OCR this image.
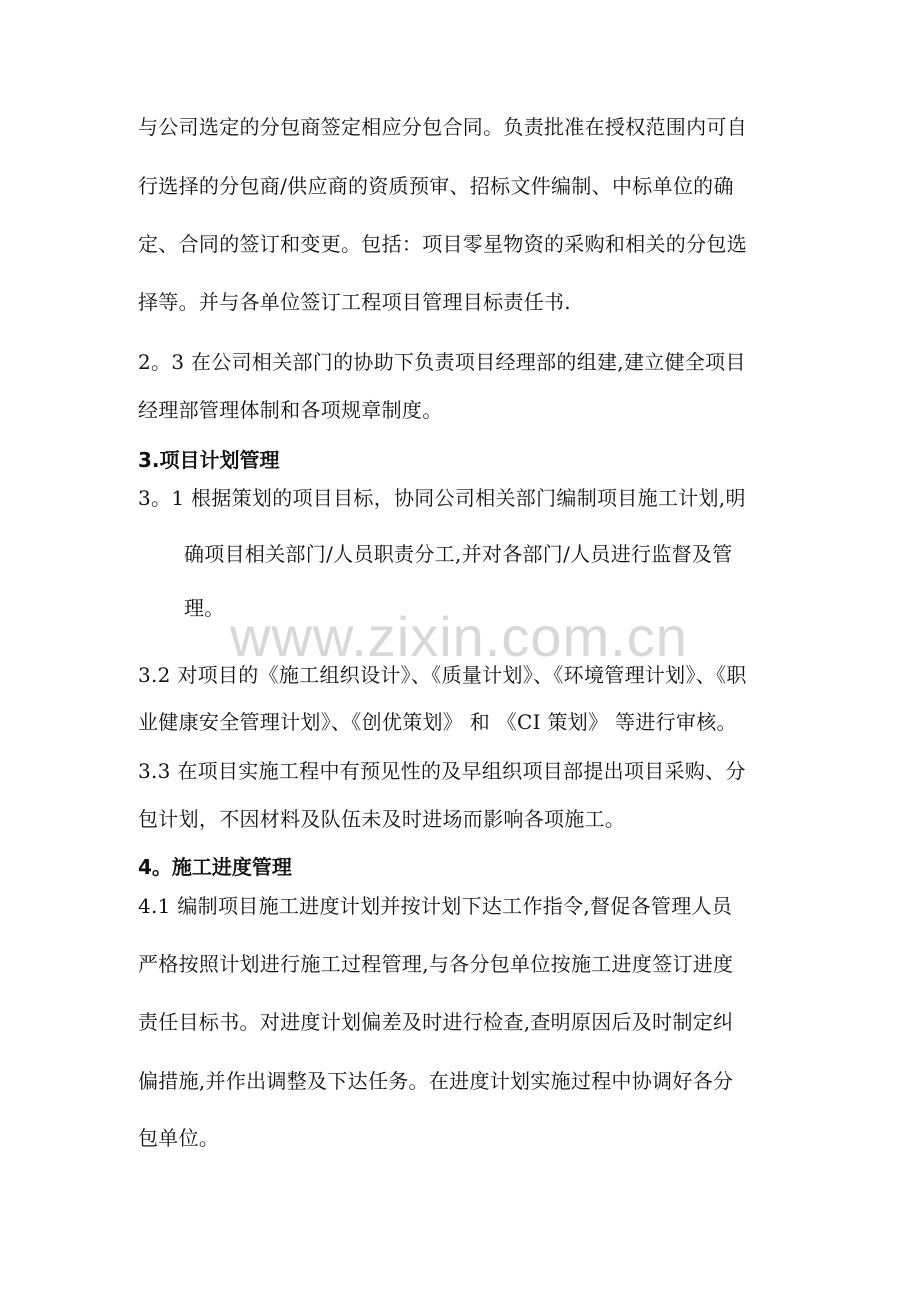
与公司选定的分包商签定相应分包合同。负责批准在授权范围内可自
行选择的分包商/供应商的资质预审、招标文件编制、中标单位的确
定、合同的签订和变更。包括：项目零星物资的采购和相关的分包选
择等。并与各单位签订工程项目管理目标责任书.
2。3 在公司相关部门的协助下负责项目经理部的组建,建立健全项目
经理部管理体制和各项规章制度。
3.项目计划管理
3。1 根据策划的项目目标，协同公司相关部门编制项目施工计划,明
确项目相关部门/人员职责分工,并对各部门/人员进行监督及管
理。
3.2 对项目的《施工组织设计》、《质量计划》、《环境管理计划》、《职
业健康安全管理计划》、《创优策划》 和 《CI 策划》 等进行审核。
3.3 在项目实施工程中有预见性的及早组织项目部提出项目采购、分
包计划，不因材料及队伍未及时进场而影响各项施工。
4。施工进度管理
4.1 编制项目施工进度计划并按计划下达工作指令,督促各管理人员
严格按照计划进行施工过程管理,与各分包单位按施工进度签订进度
责任目标书。对进度计划偏差及时进行检查,查明原因后及时制定纠
偏措施,并作出调整及下达任务。在进度计划实施过程中协调好各分
包单位。
www.zixin.com.cn
